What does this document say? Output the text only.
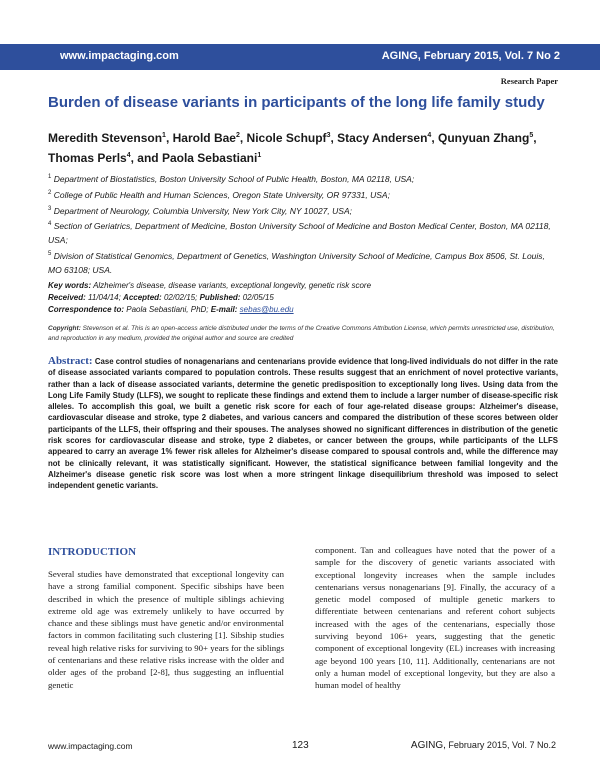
www.impactaging.com	AGING, February 2015, Vol. 7 No 2
Research Paper
Burden of disease variants in participants of the long life family study
Meredith Stevenson$^1$, Harold Bae$^2$, Nicole Schupf$^3$, Stacy Andersen$^4$, Qunyuan Zhang$^5$, Thomas Perls$^4$, and Paola Sebastiani$^1$
$^1$ Department of Biostatistics, Boston University School of Public Health, Boston, MA 02118, USA;
$^2$ College of Public Health and Human Sciences, Oregon State University, OR 97331, USA;
$^3$ Department of Neurology, Columbia University, New York City, NY 10027, USA;
$^4$ Section of Geriatrics, Department of Medicine, Boston University School of Medicine and Boston Medical Center, Boston, MA 02118, USA;
$^5$ Division of Statistical Genomics, Department of Genetics, Washington University School of Medicine, Campus Box 8506, St. Louis, MO 63108; USA.
Key words: Alzheimer's disease, disease variants, exceptional longevity, genetic risk score
Received: 11/04/14; Accepted: 02/02/15; Published: 02/05/15
Correspondence to: Paola Sebastiani, PhD; E-mail: sebas@bu.edu
Copyright: Stevenson et al. This is an open-access article distributed under the terms of the Creative Commons Attribution License, which permits unrestricted use, distribution, and reproduction in any medium, provided the original author and source are credited
Abstract: Case control studies of nonagenarians and centenarians provide evidence that long-lived individuals do not differ in the rate of disease associated variants compared to population controls. These results suggest that an enrichment of novel protective variants, rather than a lack of disease associated variants, determine the genetic predisposition to exceptionally long lives. Using data from the Long Life Family Study (LLFS), we sought to replicate these findings and extend them to include a larger number of disease-specific risk alleles. To accomplish this goal, we built a genetic risk score for each of four age-related disease groups: Alzheimer's disease, cardiovascular disease and stroke, type 2 diabetes, and various cancers and compared the distribution of these scores between older participants of the LLFS, their offspring and their spouses. The analyses showed no significant differences in distribution of the genetic risk scores for cardiovascular disease and stroke, type 2 diabetes, or cancer between the groups, while participants of the LLFS appeared to carry an average 1% fewer risk alleles for Alzheimer's disease compared to spousal controls and, while the difference may not be clinically relevant, it was statistically significant. However, the statistical significance between familial longevity and the Alzheimer's disease genetic risk score was lost when a more stringent linkage disequilibrium threshold was imposed to select independent genetic variants.
INTRODUCTION
Several studies have demonstrated that exceptional longevity can have a strong familial component. Specific sibships have been described in which the presence of multiple siblings achieving extreme old age was extremely unlikely to have occurred by chance and these siblings must have genetic and/or environmental factors in common facilitating such clustering [1]. Sibship studies reveal high relative risks for surviving to 90+ years for the siblings of centenarians and these relative risks increase with the older and older ages of the proband [2-8], thus suggesting an influential genetic
component. Tan and colleagues have noted that the power of a sample for the discovery of genetic variants associated with exceptional longevity increases when the sample includes centenarians versus nonagenarians [9]. Finally, the accuracy of a genetic model composed of multiple genetic markers to differentiate between centenarians and referent cohort subjects increased with the ages of the centenarians, especially those surviving beyond 106+ years, suggesting that the genetic component of exceptional longevity (EL) increases with increasing age beyond 100 years [10, 11]. Additionally, centenarians are not only a human model of exceptional longevity, but they are also a human model of healthy
www.impactaging.com	123	AGING, February 2015, Vol. 7 No.2
